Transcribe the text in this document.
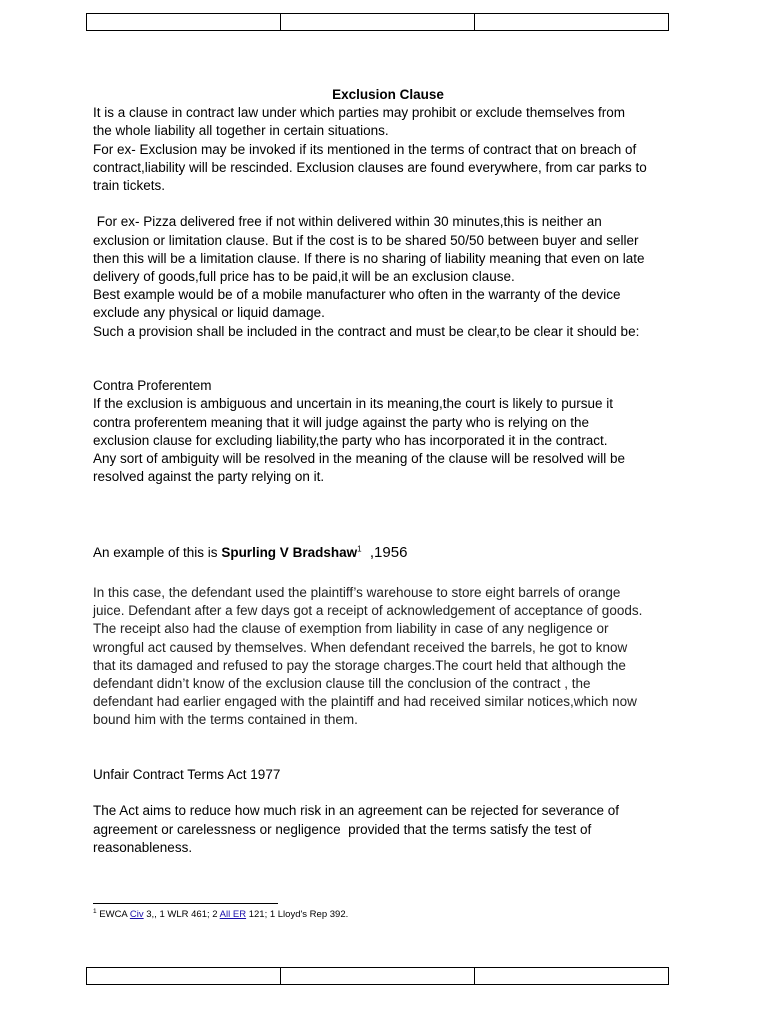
Exclusion Clause

It is a clause in contract law under which parties may prohibit or exclude themselves from

the whole liability all together in certain situations.

For ex- Exclusion may be invoked if its mentioned in the terms of contract that on breach of

contract,liability will be rescinded. Exclusion clauses are found everywhere, from car parks to

train tickets.

For ex- Pizza delivered free if not within delivered within 30 minutes,this is neither an

exclusion or limitation clause. But if the cost is to be shared 50/50 between buyer and seller

then this will be a limitation clause. If there is no sharing of liability meaning that even on late

delivery of goods,full price has to be paid,it will be an exclusion clause.

Best example would be of a mobile manufacturer who often in the warranty of the device

exclude any physical or liquid damage.

Such a provision shall be included in the contract and must be clear,to be clear it should be:

Contra Proferentem

If the exclusion is ambiguous and uncertain in its meaning,the court is likely to pursue it

contra proferentem meaning that it will judge against the party who is relying on the

exclusion clause for excluding liability,the party who has incorporated it in the contract.

Any sort of ambiguity will be resolved in the meaning of the clause will be resolved will be

resolved against the party relying on it.

An example of this is Spurling V Bradshaw$^1$  ,1956

In this case, the defendant used the plaintiff’s warehouse to store eight barrels of orange

juice. Defendant after a few days got a receipt of acknowledgement of acceptance of goods.

The receipt also had the clause of exemption from liability in case of any negligence or

wrongful act caused by themselves. When defendant received the barrels, he got to know

that its damaged and refused to pay the storage charges.The court held that although the

defendant didn’t know of the exclusion clause till the conclusion of the contract , the

defendant had earlier engaged with the plaintiff and had received similar notices,which now

bound him with the terms contained in them.

Unfair Contract Terms Act 1977

The Act aims to reduce how much risk in an agreement can be rejected for severance of

agreement or carelessness or negligence  provided that the terms satisfy the test of

reasonableness.

$^1$ EWCA Civ 3,, 1 WLR 461; 2 All ER 121; 1 Lloyd's Rep 392.
